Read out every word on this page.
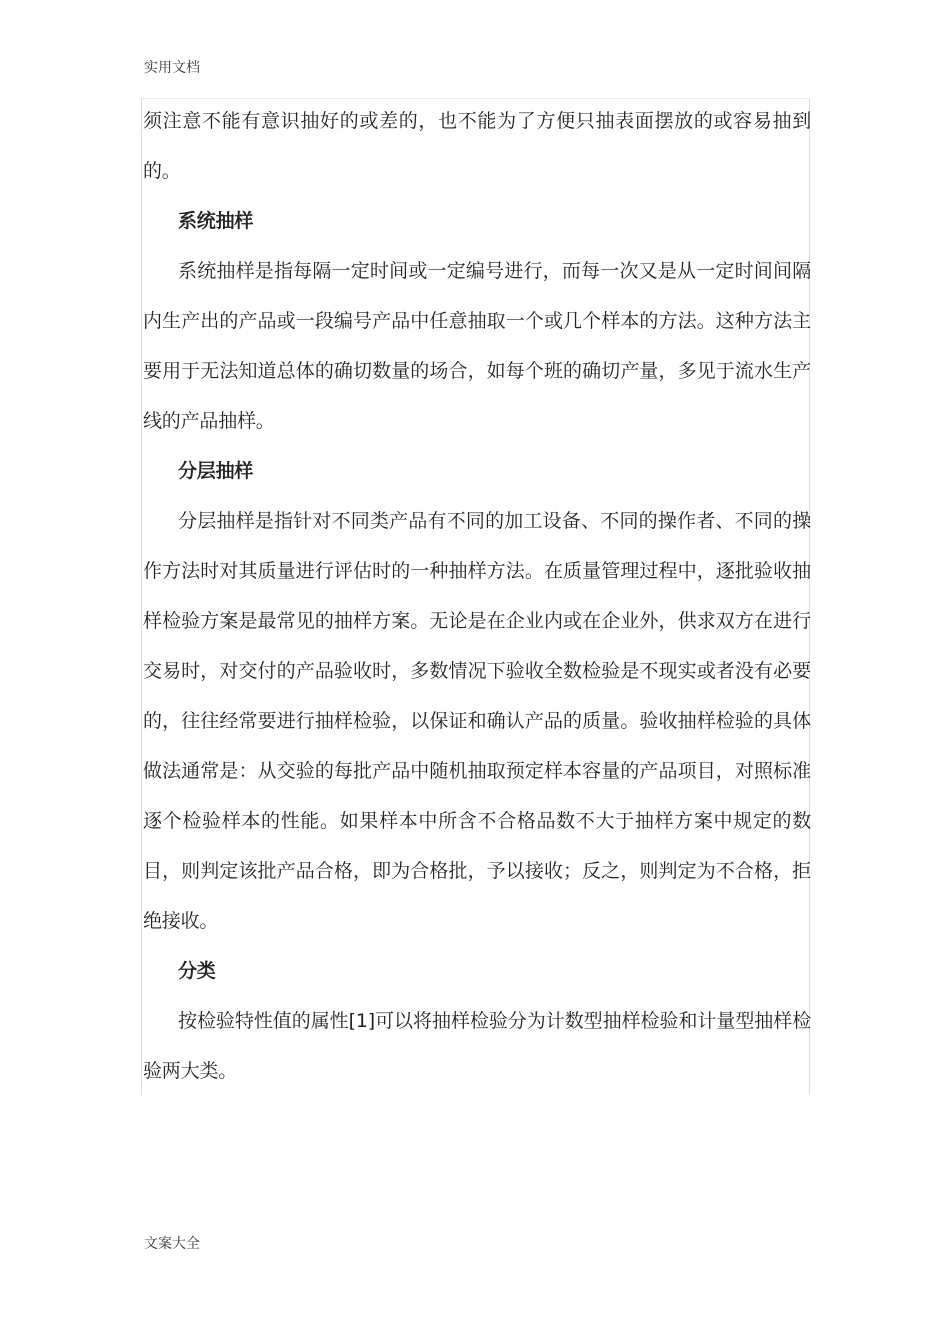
实用文档

须注意不能有意识抽好的或差的，也不能为了方便只抽表面摆放的或容易抽到的。

系统抽样

系统抽样是指每隔一定时间或一定编号进行，而每一次又是从一定时间间隔内生产出的产品或一段编号产品中任意抽取一个或几个样本的方法。这种方法主要用于无法知道总体的确切数量的场合，如每个班的确切产量，多见于流水生产线的产品抽样。

分层抽样

分层抽样是指针对不同类产品有不同的加工设备、不同的操作者、不同的操作方法时对其质量进行评估时的一种抽样方法。在质量管理过程中，逐批验收抽样检验方案是最常见的抽样方案。无论是在企业内或在企业外，供求双方在进行交易时，对交付的产品验收时，多数情况下验收全数检验是不现实或者没有必要的，往往经常要进行抽样检验，以保证和确认产品的质量。验收抽样检验的具体做法通常是：从交验的每批产品中随机抽取预定样本容量的产品项目，对照标准逐个检验样本的性能。如果样本中所含不合格品数不大于抽样方案中规定的数目，则判定该批产品合格，即为合格批，予以接收；反之，则判定为不合格，拒绝接收。

分类

按检验特性值的属性[1]可以将抽样检验分为计数型抽样检验和计量型抽样检验两大类。

文案大全
